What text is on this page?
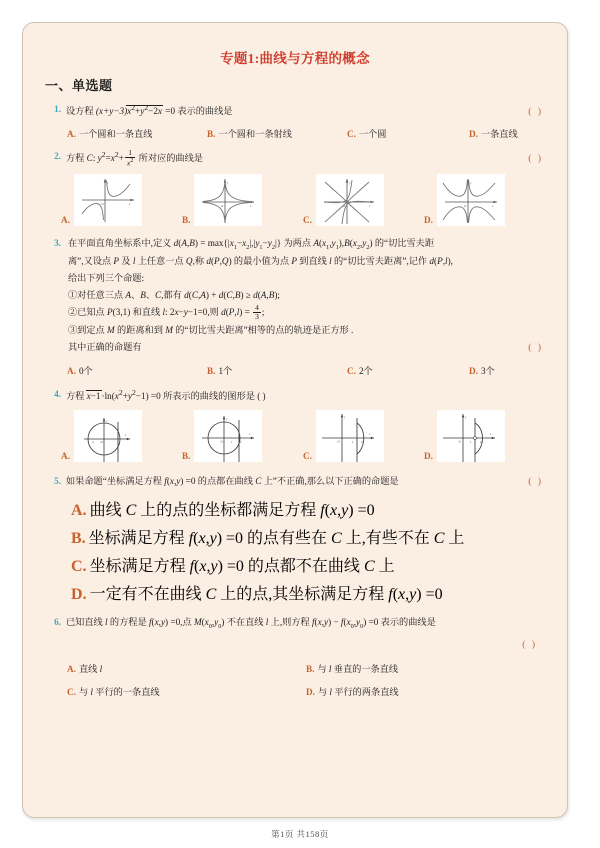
专题1:曲线与方程的概念
一、单选题
1. 设方程 $(x+y-3)x^2+y^2-2x =0$ 表示的曲线是	( )
A. 一个圆和一条直线	B. 一个圆和一条射线	C. 一个圆	D. 一条直线
2. 方程 C: $y^2=x^2+ \frac{1}{x^2}$ 所对应的曲线是	( )
A.
y
x
O
B.
y
x
O
C.
y
x
O
D.
y
x
O
3. 在平面直角坐标系中,定义 $d(A,B) = \max\{|x_1-x_2|,|y_1-y_2|\}$ 为两点 $A(x_1,y_1),B(x_2,y_2)$ 的“切比雪夫距
离”,又设点 P 及 l 上任意一点 Q,称 d(P,Q) 的最小值为点 P 到直线 l 的“切比雪夫距离”,记作 d(P,l),
给出下列三个命题:
①对任意三点 A、B、C,都有 d(C,A) + d(C,B) ≥ d(A,B);
②已知点 P(3,1) 和直线 l: 2x−y−1=0,则 $d(P,l) = \frac{4}{3}$ ;
③到定点 M 的距离和到 M 的“切比雪夫距离”相等的点的轨迹是正方形 .
其中正确的命题有	( )
A. 0个	B. 1个	C. 2个	D. 3个
4. 方程 $x-1\cdot\ln(x^2+y^2-1) =0$ 所表示的曲线的图形是 ( )
A.
y
x
O
B.
y
x
O	1	2
C.
y
x
O	1	2
D.
y
x
O	1	2
5. 如果命题“坐标满足方程 f(x,y) =0 的点都在曲线 C 上”不正确,那么以下正确的命题是	( )
A. 曲线 C 上的点的坐标都满足方程 f(x,y) =0
B. 坐标满足方程 f(x,y) =0 的点有些在 C 上,有些不在 C 上
C. 坐标满足方程 f(x,y) =0 的点都不在曲线 C 上
D. 一定有不在曲线 C 上的点,其坐标满足方程 f(x,y) =0
6. 已知直线 l 的方程是 f(x,y) =0,点 $M(x_0,y_0)$ 不在直线 l 上,则方程 $f(x,y) - f(x_0,y_0) =0$ 表示的曲线是
( )
A. 直线 l	B. 与 l 垂直的一条直线
C. 与 l 平行的一条直线	D. 与 l 平行的两条直线
第1页 共158页
